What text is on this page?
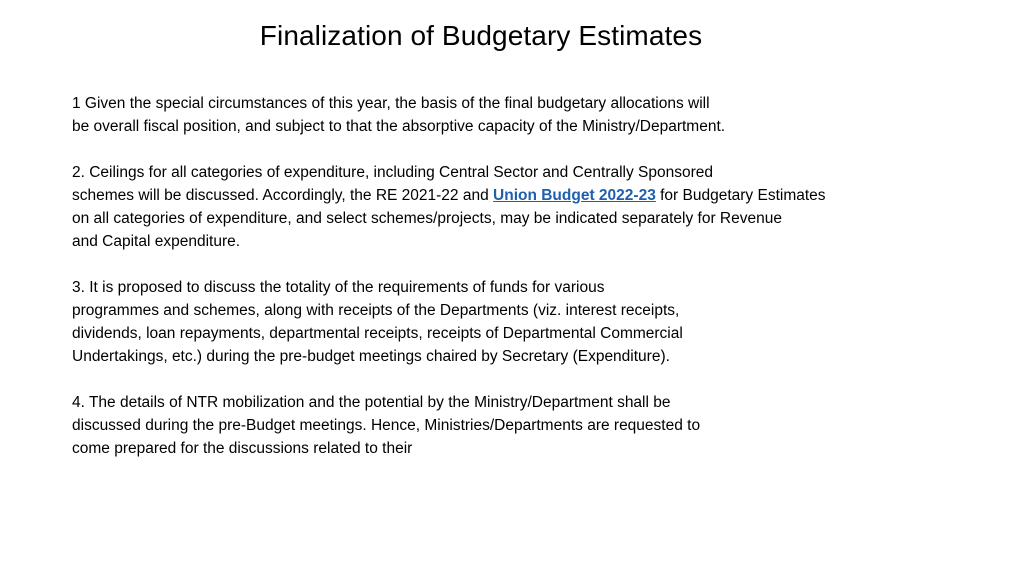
Finalization of Budgetary Estimates
1 Given the special circumstances of this year, the basis of the final budgetary allocations will
be overall fiscal position, and subject to that the absorptive capacity of the Ministry/Department.
2. Ceilings for all categories of expenditure, including Central Sector and Centrally Sponsored
schemes will be discussed. Accordingly, the RE 2021-22 and Union Budget 2022-23 for Budgetary Estimates
on all categories of expenditure, and select schemes/projects, may be indicated separately for Revenue
and Capital expenditure.
3. It is proposed to discuss the totality of the requirements of funds for various
programmes and schemes, along with receipts of the Departments (viz. interest receipts,
dividends, loan repayments, departmental receipts, receipts of Departmental Commercial
Undertakings, etc.) during the pre-budget meetings chaired by Secretary (Expenditure).
4. The details of NTR mobilization and the potential by the Ministry/Department shall be
discussed during the pre-Budget meetings. Hence, Ministries/Departments are requested to
come prepared for the discussions related to their
